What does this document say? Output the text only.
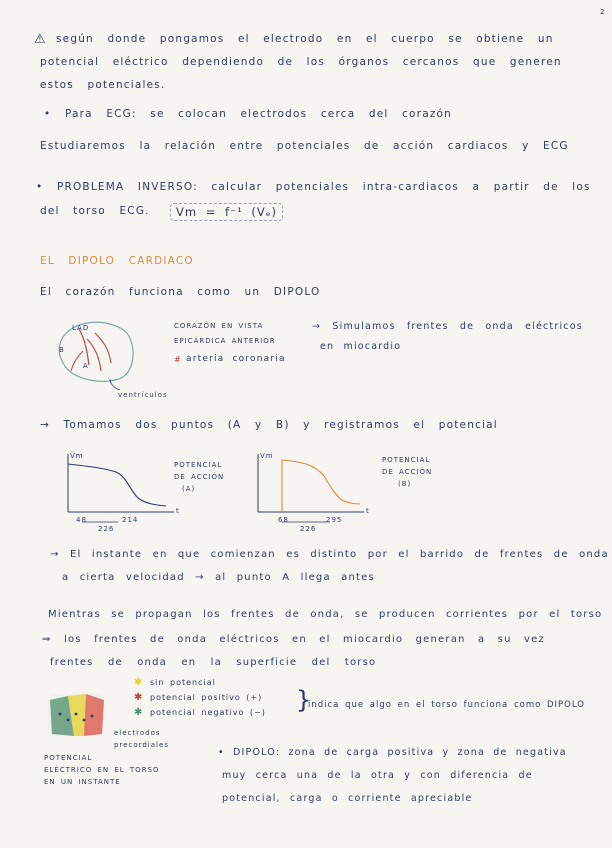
2
⚠ según donde pongamos el electrodo en el cuerpo se obtiene un
potencial eléctrico dependiendo de los órganos cercanos que generen
estos potenciales.
• Para ECG: se colocan electrodos cerca del corazón
Estudiaremos la relación entre potenciales de acción cardiacos y ECG
• PROBLEMA INVERSO: calcular potenciales intra-cardiacos a partir de los
del torso ECG.	Vm = f⁻¹ (Vₑ)
EL DIPOLO CARDIACO
El corazón funciona como un DIPOLO
LAD
B
A
ventrículos
CORAZÓN EN VISTA
EPICÁRDICA ANTERIOR
# arteria coronaria
→ Simulamos frentes de onda eléctricos
en miocardio
→ Tomamos dos puntos (A y B) y registramos el potencial
Vm
t
48	214
226
POTENCIAL
DE ACCIÓN
(A)
Vm
t
68	295
226
POTENCIAL
DE ACCIÓN
(B)
→ El instante en que comienzan es distinto por el barrido de frentes de onda
a cierta velocidad → al punto A llega antes
Mientras se propagan los frentes de onda, se producen corrientes por el torso
⇒ los frentes de onda eléctricos en el miocardio generan a su vez
frentes de onda en la superficie del torso
electrodos
precordiales
✱ sin potencial
✱ potencial positivo (+)
✱ potencial negativo (−) }
indica que algo en el torso funciona como DIPOLO
POTENCIAL
ELÉCTRICO EN EL TORSO
EN UN INSTANTE
• DIPOLO: zona de carga positiva y zona de negativa
muy cerca una de la otra y con diferencia de
potencial, carga o corriente apreciable
